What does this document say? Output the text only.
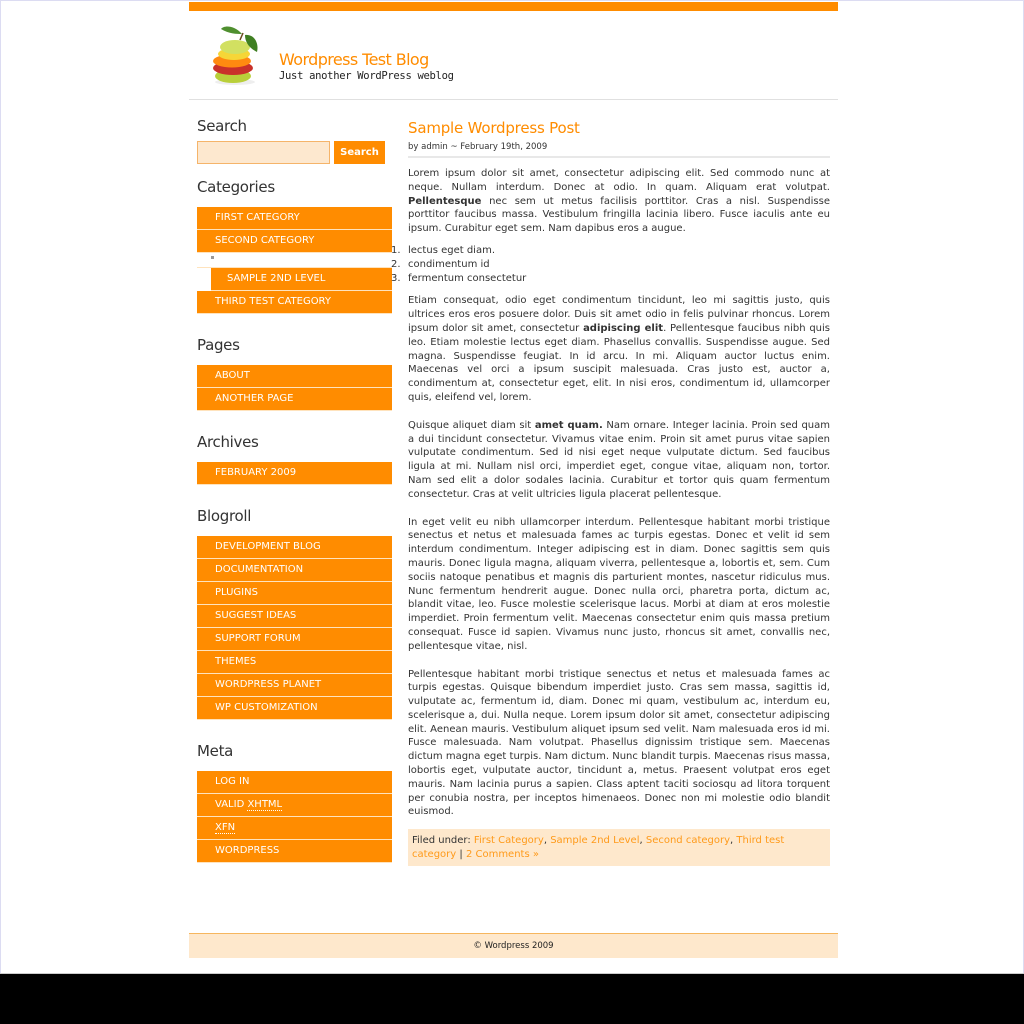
Wordpress Test Blog
Just another WordPress weblog
Search
Search
Categories
FIRST CATEGORY
SECOND CATEGORY
SAMPLE 2ND LEVEL
THIRD TEST CATEGORY
Pages
ABOUT
ANOTHER PAGE
Archives
FEBRUARY 2009
Blogroll
DEVELOPMENT BLOG
DOCUMENTATION
PLUGINS
SUGGEST IDEAS
SUPPORT FORUM
THEMES
WORDPRESS PLANET
WP CUSTOMIZATION
Meta
LOG IN
VALID XHTML
XFN
WORDPRESS
Sample Wordpress Post
by admin ~ February 19th, 2009

Lorem ipsum dolor sit amet, consectetur adipiscing elit. Sed commodo nunc at neque. Nullam interdum. Donec at odio. In quam. Aliquam erat volutpat. Pellentesque nec sem ut metus facilisis porttitor. Cras a nisl. Suspendisse porttitor faucibus massa. Vestibulum fringilla lacinia libero. Fusce iaculis ante eu ipsum. Curabitur eget sem. Nam dapibus eros a augue.

1. lectus eget diam.
2. condimentum id
3. fermentum consectetur

Etiam consequat, odio eget condimentum tincidunt, leo mi sagittis justo, quis ultrices eros eros posuere dolor. Duis sit amet odio in felis pulvinar rhoncus. Lorem ipsum dolor sit amet, consectetur adipiscing elit. Pellentesque faucibus nibh quis leo. Etiam molestie lectus eget diam. Phasellus convallis. Suspendisse augue. Sed magna. Suspendisse feugiat. In id arcu. In mi. Aliquam auctor luctus enim. Maecenas vel orci a ipsum suscipit malesuada. Cras justo est, auctor a, condimentum at, consectetur eget, elit. In nisi eros, condimentum id, ullamcorper quis, eleifend vel, lorem.

Quisque aliquet diam sit amet quam. Nam ornare. Integer lacinia. Proin sed quam a dui tincidunt consectetur. Vivamus vitae enim. Proin sit amet purus vitae sapien vulputate condimentum. Sed id nisi eget neque vulputate dictum. Sed faucibus ligula at mi. Nullam nisl orci, imperdiet eget, congue vitae, aliquam non, tortor. Nam sed elit a dolor sodales lacinia. Curabitur et tortor quis quam fermentum consectetur. Cras at velit ultricies ligula placerat pellentesque.

In eget velit eu nibh ullamcorper interdum. Pellentesque habitant morbi tristique senectus et netus et malesuada fames ac turpis egestas. Donec et velit id sem interdum condimentum. Integer adipiscing est in diam. Donec sagittis sem quis mauris. Donec ligula magna, aliquam viverra, pellentesque a, lobortis et, sem. Cum sociis natoque penatibus et magnis dis parturient montes, nascetur ridiculus mus. Nunc fermentum hendrerit augue. Donec nulla orci, pharetra porta, dictum ac, blandit vitae, leo. Fusce molestie scelerisque lacus. Morbi at diam at eros molestie imperdiet. Proin fermentum velit. Maecenas consectetur enim quis massa pretium consequat. Fusce id sapien. Vivamus nunc justo, rhoncus sit amet, convallis nec, pellentesque vitae, nisl.

Pellentesque habitant morbi tristique senectus et netus et malesuada fames ac turpis egestas. Quisque bibendum imperdiet justo. Cras sem massa, sagittis id, vulputate ac, fermentum id, diam. Donec mi quam, vestibulum ac, interdum eu, scelerisque a, dui. Nulla neque. Lorem ipsum dolor sit amet, consectetur adipiscing elit. Aenean mauris. Vestibulum aliquet ipsum sed velit. Nam malesuada eros id mi. Fusce malesuada. Nam volutpat. Phasellus dignissim tristique sem. Maecenas dictum magna eget turpis. Nam dictum. Nunc blandit turpis. Maecenas risus massa, lobortis eget, vulputate auctor, tincidunt a, metus. Praesent volutpat eros eget mauris. Nam lacinia purus a sapien. Class aptent taciti sociosqu ad litora torquent per conubia nostra, per inceptos himenaeos. Donec non mi molestie odio blandit euismod.

Filed under: First Category, Sample 2nd Level, Second category, Third test category | 2 Comments »
© Wordpress 2009
